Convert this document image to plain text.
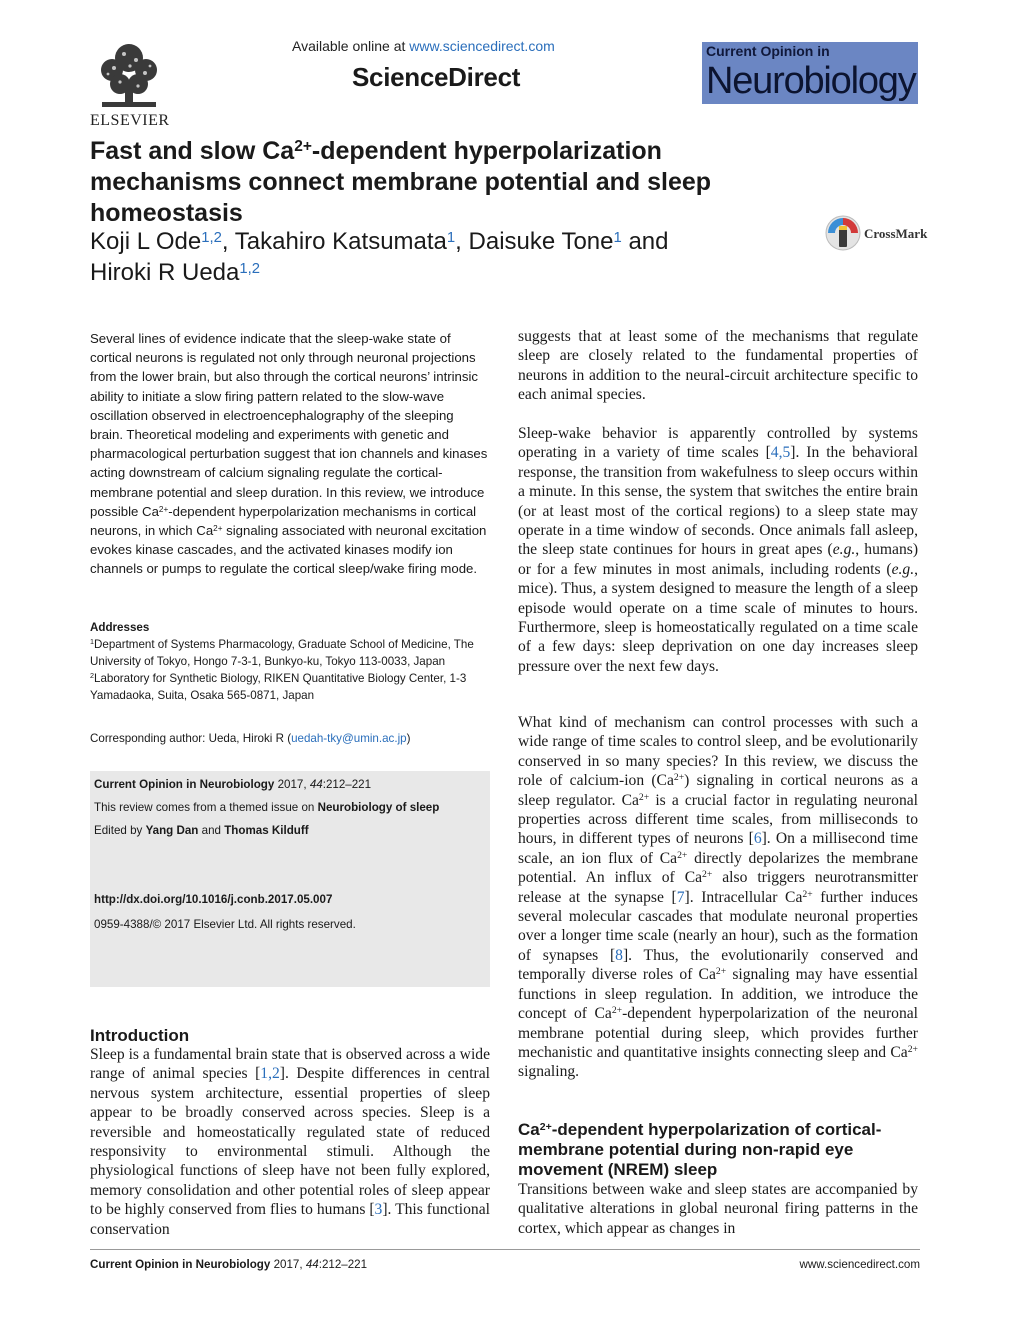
ELSEVIER
Available online at www.sciencedirect.com
ScienceDirect
Current Opinion in
Neurobiology
Fast and slow $Ca^{2+}$-dependent hyperpolarization mechanisms connect membrane potential and sleep homeostasis
Koji L Ode$^{1,2}$, Takahiro Katsumata$^1$, Daisuke Tone$^1$ and
Hiroki R Ueda$^{1,2}$
CrossMark
Several lines of evidence indicate that the sleep-wake state of cortical neurons is regulated not only through neuronal projections from the lower brain, but also through the cortical neurons’ intrinsic ability to initiate a slow firing pattern related to the slow-wave oscillation observed in electroencephalography of the sleeping brain. Theoretical modeling and experiments with genetic and pharmacological perturbation suggest that ion channels and kinases acting downstream of calcium signaling regulate the cortical-membrane potential and sleep duration. In this review, we introduce possible $Ca^{2+}$-dependent hyperpolarization mechanisms in cortical neurons, in which $Ca^{2+}$ signaling associated with neuronal excitation evokes kinase cascades, and the activated kinases modify ion channels or pumps to regulate the cortical sleep/wake firing mode.
Addresses
$^1$Department of Systems Pharmacology, Graduate School of Medicine, The University of Tokyo, Hongo 7-3-1, Bunkyo-ku, Tokyo 113-0033, Japan
$^2$Laboratory for Synthetic Biology, RIKEN Quantitative Biology Center, 1-3 Yamadaoka, Suita, Osaka 565-0871, Japan
Corresponding author: Ueda, Hiroki R (uedah-tky@umin.ac.jp)
Current Opinion in Neurobiology 2017, 44:212–221
This review comes from a themed issue on Neurobiology of sleep
Edited by Yang Dan and Thomas Kilduff
http://dx.doi.org/10.1016/j.conb.2017.05.007
0959-4388/© 2017 Elsevier Ltd. All rights reserved.
Introduction
Sleep is a fundamental brain state that is observed across a wide range of animal species [1,2]. Despite differences in central nervous system architecture, essential properties of sleep appear to be broadly conserved across species. Sleep is a reversible and homeostatically regulated state of reduced responsivity to environmental stimuli. Although the physiological functions of sleep have not been fully explored, memory consolidation and other potential roles of sleep appear to be highly conserved from flies to humans [3]. This functional conservation
suggests that at least some of the mechanisms that regulate sleep are closely related to the fundamental properties of neurons in addition to the neural-circuit architecture specific to each animal species.
Sleep-wake behavior is apparently controlled by systems operating in a variety of time scales [4,5]. In the behavioral response, the transition from wakefulness to sleep occurs within a minute. In this sense, the system that switches the entire brain (or at least most of the cortical regions) to a sleep state may operate in a time window of seconds. Once animals fall asleep, the sleep state continues for hours in great apes (e.g., humans) or for a few minutes in most animals, including rodents (e.g., mice). Thus, a system designed to measure the length of a sleep episode would operate on a time scale of minutes to hours. Furthermore, sleep is homeostatically regulated on a time scale of a few days: sleep deprivation on one day increases sleep pressure over the next few days.
What kind of mechanism can control processes with such a wide range of time scales to control sleep, and be evolutionarily conserved in so many species? In this review, we discuss the role of calcium-ion $(Ca^{2+})$ signaling in cortical neurons as a sleep regulator. $Ca^{2+}$ is a crucial factor in regulating neuronal properties across different time scales, from milliseconds to hours, in different types of neurons [6]. On a millisecond time scale, an ion flux of $Ca^{2+}$ directly depolarizes the membrane potential. An influx of $Ca^{2+}$ also triggers neurotransmitter release at the synapse [7]. Intracellular $Ca^{2+}$ further induces several molecular cascades that modulate neuronal properties over a longer time scale (nearly an hour), such as the formation of synapses [8]. Thus, the evolutionarily conserved and temporally diverse roles of $Ca^{2+}$ signaling may have essential functions in sleep regulation. In addition, we introduce the concept of $Ca^{2+}$-dependent hyperpolarization of the neuronal membrane potential during sleep, which provides further mechanistic and quantitative insights connecting sleep and $Ca^{2+}$ signaling.
$Ca^{2+}$-dependent hyperpolarization of cortical-membrane potential during non-rapid eye movement (NREM) sleep
Transitions between wake and sleep states are accompanied by qualitative alterations in global neuronal firing patterns in the cortex, which appear as changes in
Current Opinion in Neurobiology 2017, 44:212–221	www.sciencedirect.com
